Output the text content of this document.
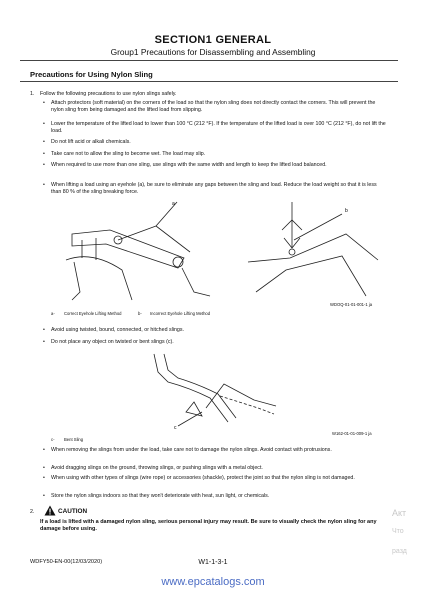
SECTION1 GENERAL
Group1 Precautions for Disassembling and Assembling
Precautions for Using Nylon Sling
1. Follow the following precautions to use nylon slings safely.
• Attach protectors (soft material) on the corners of the load so that the nylon sling does not directly contact the corners. This will prevent the nylon sling from being damaged and the lifted load from slipping.
• Lower the temperature of the lifted load to lower than 100 °C (212 °F). If the temperature of the lifted load is over 100 °C (212 °F), do not lift the load.
• Do not lift acid or alkali chemicals.
• Take care not to allow the sling to become wet. The load may slip.
• When required to use more than one sling, use slings with the same width and length to keep the lifted load balanced.
• When lifting a load using an eyehole (a), be sure to eliminate any gaps between the sling and load. Reduce the load weight so that it is less than 80 % of the sling breaking force.
a
b
WDOQ-01-01-001-1 ja
a- Correct Eyehole Lifting Method	b- Incorrect Eyehole Lifting Method
• Avoid using twisted, bound, connected, or hitched slings.
• Do not place any object on twisted or bent slings (c).
c
W162-01-01-009-1 ja
c- Bent Sling
• When removing the slings from under the load, take care not to damage the nylon slings. Avoid contact with protrusions.
• Avoid dragging slings on the ground, throwing slings, or pushing slings with a metal object.
• When using with other types of slings (wire rope) or accessories (shackle), protect the joint so that the nylon sling is not damaged.
• Store the nylon slings indoors so that they won't deteriorate with heat, sun light, or chemicals.
2.	CAUTION
If a load is lifted with a damaged nylon sling, serious personal injury may result. Be sure to visually check the nylon sling for any damage before using.
WDFY50-EN-00(12/03/2020)	W1-1-3-1
www.epcatalogs.com
Акт
Что
разд
